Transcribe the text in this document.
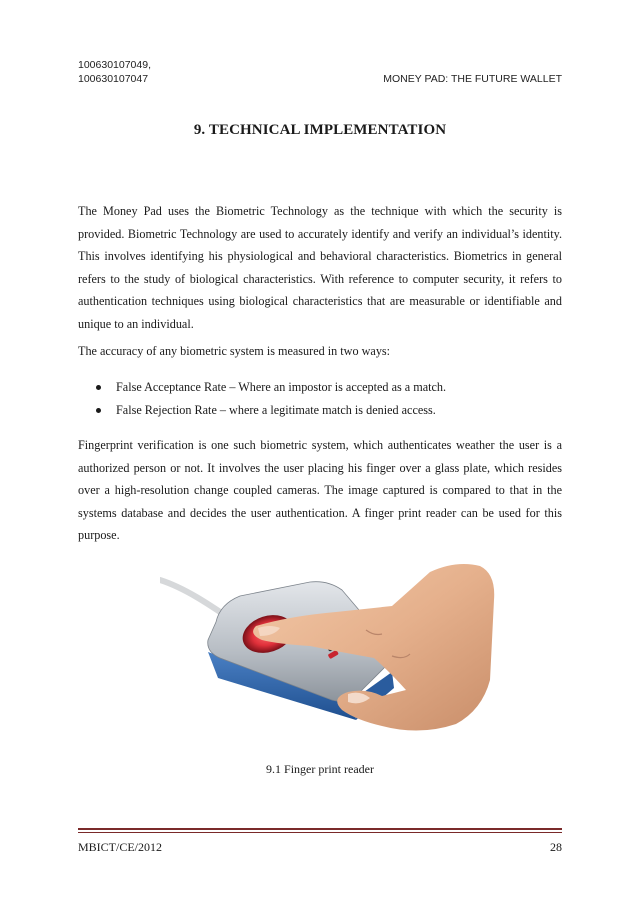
100630107049,
100630107047	MONEY PAD: THE FUTURE WALLET
9. TECHNICAL IMPLEMENTATION

The Money Pad uses the Biometric Technology as the technique with which the security is provided. Biometric Technology are used to accurately identify and verify an individual’s identity. This involves identifying his physiological and behavioral characteristics. Biometrics in general refers to the study of biological characteristics. With reference to computer security, it refers to authentication techniques using biological characteristics that are measurable or identifiable and unique to an individual.

The accuracy of any biometric system is measured in two ways:

False Acceptance Rate – Where an impostor is accepted as a match.
False Rejection Rate – where a legitimate match is denied access.

Fingerprint verification is one such biometric system, which authenticates weather the user is a authorized person or not. It involves the user placing his finger over a glass plate, which resides over a high-resolution change coupled cameras. The image captured is compared to that in the systems database and decides the user authentication. A finger print reader can be used for this purpose.

9.1 Finger print reader
MBICT/CE/2012	28
